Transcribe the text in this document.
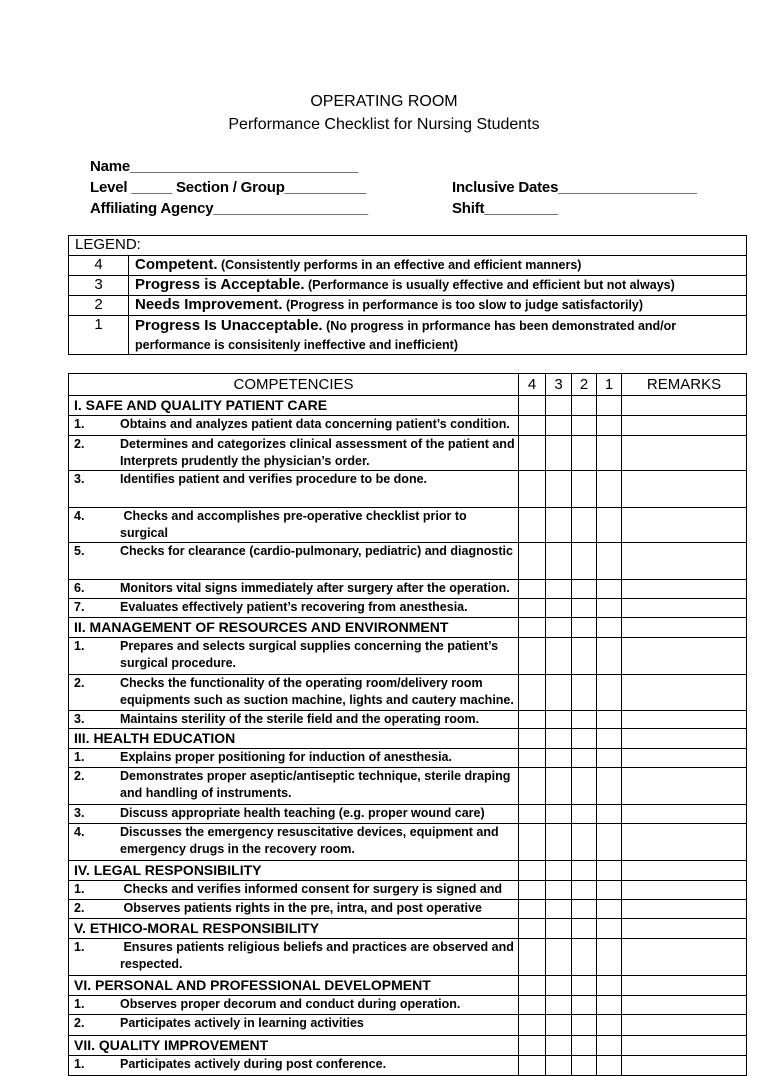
OPERATING ROOM
Performance Checklist for Nursing Students
Name____________________________
Level _____ Section / Group__________	Inclusive Dates_________________
Affiliating Agency___________________	Shift_________
LEGEND:	
4	Competent. (Consistently performs in an effective and efficient manners)
3	Progress is Acceptable. (Performance is usually effective and efficient but not always)
2	Needs Improvement. (Progress in performance is too slow to judge satisfactorily)
1	Progress Is Unacceptable. (No progress in prformance has been demonstrated and/or performance is consisitenly ineffective and inefficient)
COMPETENCIES	4	3	2	1	REMARKS
I. SAFE AND QUALITY PATIENT CARE					
1. Obtains and analyzes patient data concerning patient’s condition.					
2. Determines and categorizes clinical assessment of the patient and Interprets prudently the physician’s order.					
3. Identifies patient and verifies procedure to be done.					
4. Checks and accomplishes pre-operative checklist prior to surgical					
5. Checks for clearance (cardio-pulmonary, pediatric) and diagnostic					
6. Monitors vital signs immediately after surgery after the operation.					
7. Evaluates effectively patient’s recovering from anesthesia.					
II. MANAGEMENT OF RESOURCES AND ENVIRONMENT					
1. Prepares and selects surgical supplies concerning the patient’s surgical procedure.					
2. Checks the functionality of the operating room/delivery room equipments such as suction machine, lights and cautery machine.					
3. Maintains sterility of the sterile field and the operating room.					
III. HEALTH EDUCATION					
1. Explains proper positioning for induction of anesthesia.					
2. Demonstrates proper aseptic/antiseptic technique, sterile draping and handling of instruments.					
3. Discuss appropriate health teaching (e.g. proper wound care)					
4. Discusses the emergency resuscitative devices, equipment and emergency drugs in the recovery room.					
IV. LEGAL RESPONSIBILITY					
1. Checks and verifies informed consent for surgery is signed and					
2. Observes patients rights in the pre, intra, and post operative					
V. ETHICO-MORAL RESPONSIBILITY					
1. Ensures patients religious beliefs and practices are observed and respected.					
VI. PERSONAL AND PROFESSIONAL DEVELOPMENT					
1. Observes proper decorum and conduct during operation.					
2. Participates actively in learning activities					
VII. QUALITY IMPROVEMENT					
1. Participates actively during post conference.					
